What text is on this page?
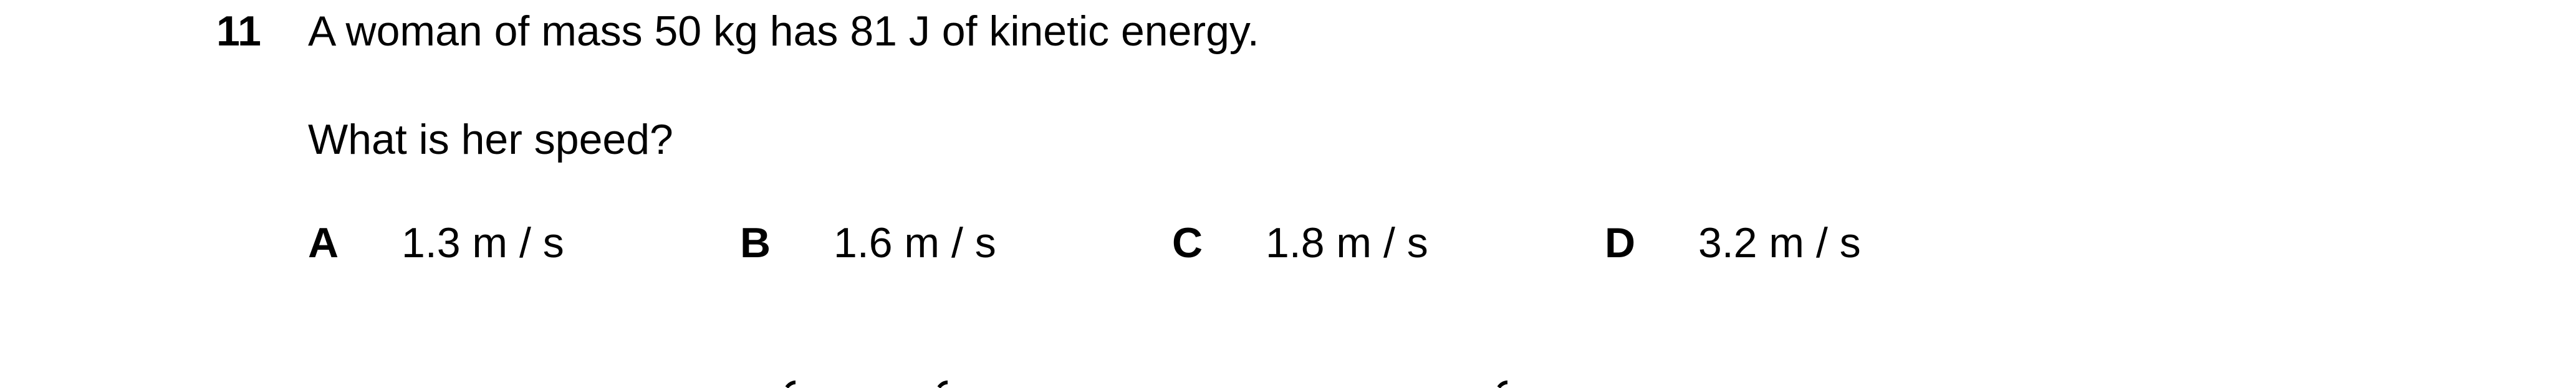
11 A woman of mass 50 kg has 81 J of kinetic energy.
What is her speed?
A 1.3 m / s	B 1.6 m / s	C 1.8 m / s	D 3.2 m / s
